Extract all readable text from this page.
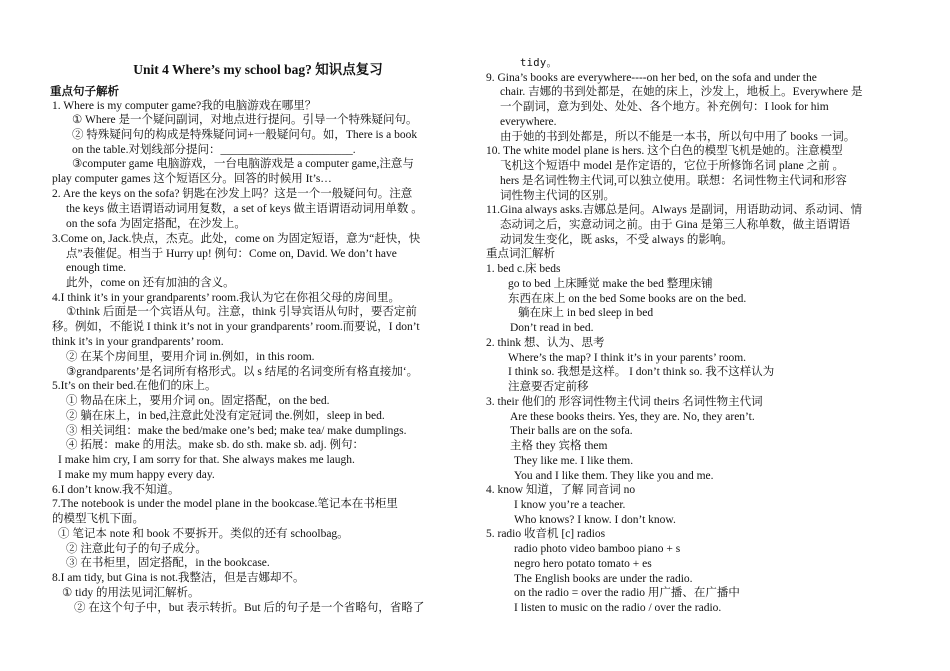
Unit 4 Where’s my school bag? 知识点复习
重点句子解析
1. Where is my computer game?我的电脑游戏在哪里？
① Where 是一个疑问副词，对地点进行提问。引导一个特殊疑问句。
② 特殊疑问句的构成是特殊疑问词+一般疑问句。如，There is a book
on the table.对划线部分提问：_______________________.
③computer game 电脑游戏，一台电脑游戏是 a computer game,注意与
play computer games 这个短语区分。回答的时候用 It’s…
2. Are the keys on the sofa? 钥匙在沙发上吗？这是一个一般疑问句。注意
the keys 做主语谓语动词用复数，a set of keys 做主语谓语动词用单数 。
on the sofa 为固定搭配，在沙发上。
3.Come on, Jack.快点，杰克。此处，come on 为固定短语，意为“赶快，快
点”表催促。相当于 Hurry up! 例句：Come on, David. We don’t have
enough time.
此外，come on 还有加油的含义。
4.I think it’s in your grandparents’ room.我认为它在你祖父母的房间里。
①think 后面是一个宾语从句。注意，think 引导宾语从句时，要否定前
移。例如，不能说 I think it’s not in your grandparents’ room.而要说，I don’t
think it’s in your grandparents’ room.
② 在某个房间里，要用介词 in.例如，in this room.
③grandparents’是名词所有格形式。以 s 结尾的名词变所有格直接加‘。
5.It’s on their bed.在他们的床上。
① 物品在床上，要用介词 on。固定搭配，on the bed.
② 躺在床上，in bed,注意此处没有定冠词 the.例如，sleep in bed.
③ 相关词组：make the bed/make one’s bed; make tea/ make dumplings.
④ 拓展：make 的用法。make sb. do sth. make sb. adj. 例句：
I make him cry, I am sorry for that. She always makes me laugh.
I make my mum happy every day.
6.I don’t know.我不知道。
7.The notebook is under the model plane in the bookcase.笔记本在书柜里
的模型飞机下面。
① 笔记本 note 和 book 不要拆开。类似的还有 schoolbag。
② 注意此句子的句子成分。
③ 在书柜里，固定搭配，in the bookcase.
8.I am tidy, but Gina is not.我整洁，但是吉娜却不。
① tidy 的用法见词汇解析。
② 在这个句子中，but 表示转折。But 后的句子是一个省略句，省略了
tidy。
9. Gina’s books are everywhere----on her bed, on the sofa and under the
chair. 吉娜的书到处都是，在她的床上，沙发上，地板上。Everywhere 是
一个副词，意为到处、处处、各个地方。补充例句：I look for him
everywhere.
由于她的书到处都是，所以不能是一本书，所以句中用了 books 一词。
10. The white model plane is hers. 这个白色的模型飞机是她的。注意模型
飞机这个短语中 model 是作定语的，它位于所修饰名词 plane 之前 。
hers 是名词性物主代词,可以独立使用。联想：名词性物主代词和形容
词性物主代词的区别。
11.Gina always asks.吉娜总是问。Always 是副词，用语助动词、系动词、情
态动词之后，实意动词之前。由于 Gina 是第三人称单数，做主语谓语
动词发生变化，既 asks，不受 always 的影响。
重点词汇解析
1. bed c.床 beds
go to bed 上床睡觉 make the bed 整理床铺
东西在床上 on the bed Some books are on the bed.
躺在床上 in bed sleep in bed
Don’t read in bed.
2. think 想、认为、思考
Where’s the map? I think it’s in your parents’ room.
I think so. 我想是这样。 I don’t think so. 我不这样认为
注意要否定前移
3. their 他们的 形容词性物主代词 theirs 名词性物主代词
Are these books theirs. Yes, they are. No, they aren’t.
Their balls are on the sofa.
主格 they 宾格 them
They like me. I like them.
You and I like them. They like you and me.
4. know 知道，了解 同音词 no
I know you’re a teacher.
Who knows? I know. I don’t know.
5. radio 收音机 [c] radios
radio photo video bamboo piano + s
negro hero potato tomato + es
The English books are under the radio.
on the radio = over the radio 用广播、在广播中
I listen to music on the radio / over the radio.
